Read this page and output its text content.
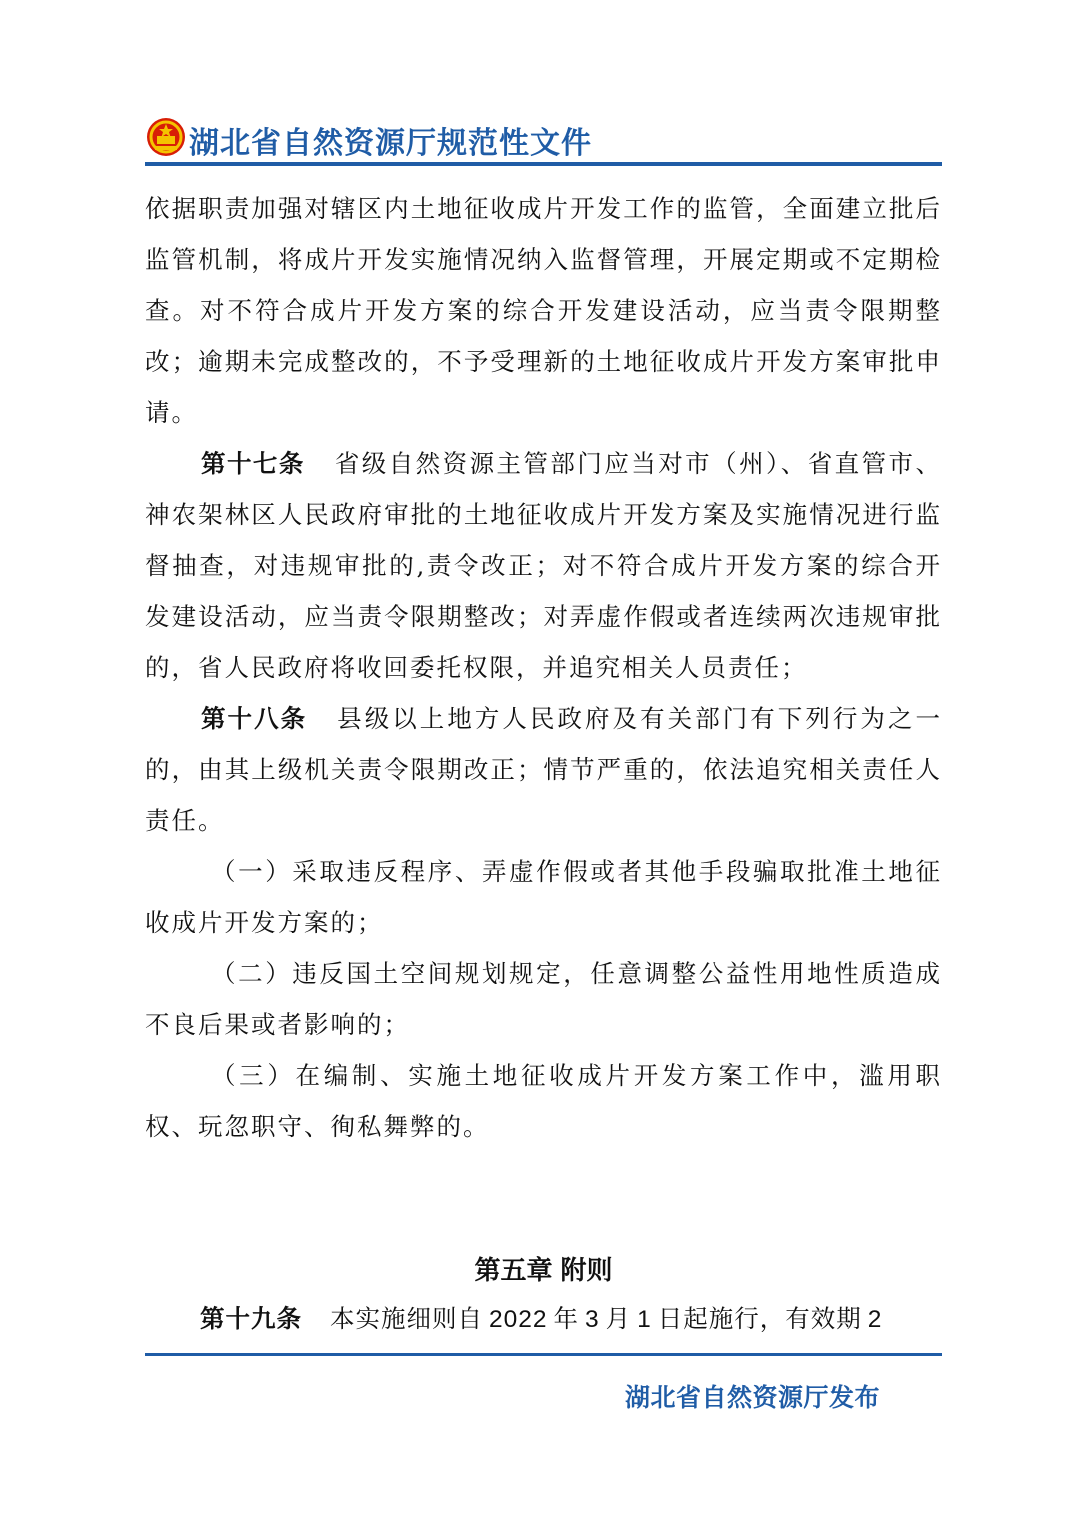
湖北省自然资源厅规范性文件

依据职责加强对辖区内土地征收成片开发工作的监管，全面建立批后监管机制，将成片开发实施情况纳入监督管理，开展定期或不定期检查。对不符合成片开发方案的综合开发建设活动，应当责令限期整改；逾期未完成整改的，不予受理新的土地征收成片开发方案审批申请。

第十七条 省级自然资源主管部门应当对市（州）、省直管市、神农架林区人民政府审批的土地征收成片开发方案及实施情况进行监督抽查，对违规审批的,责令改正；对不符合成片开发方案的综合开发建设活动，应当责令限期整改；对弄虚作假或者连续两次违规审批的，省人民政府将收回委托权限，并追究相关人员责任；

第十八条 县级以上地方人民政府及有关部门有下列行为之一的，由其上级机关责令限期改正；情节严重的，依法追究相关责任人责任。

（一）采取违反程序、弄虚作假或者其他手段骗取批准土地征收成片开发方案的；

（二）违反国土空间规划规定，任意调整公益性用地性质造成不良后果或者影响的；

（三）在编制、实施土地征收成片开发方案工作中，滥用职权、玩忽职守、徇私舞弊的。

第五章 附则
第十九条 本实施细则自 2022 年 3 月 1 日起施行，有效期 2
湖北省自然资源厅发布
